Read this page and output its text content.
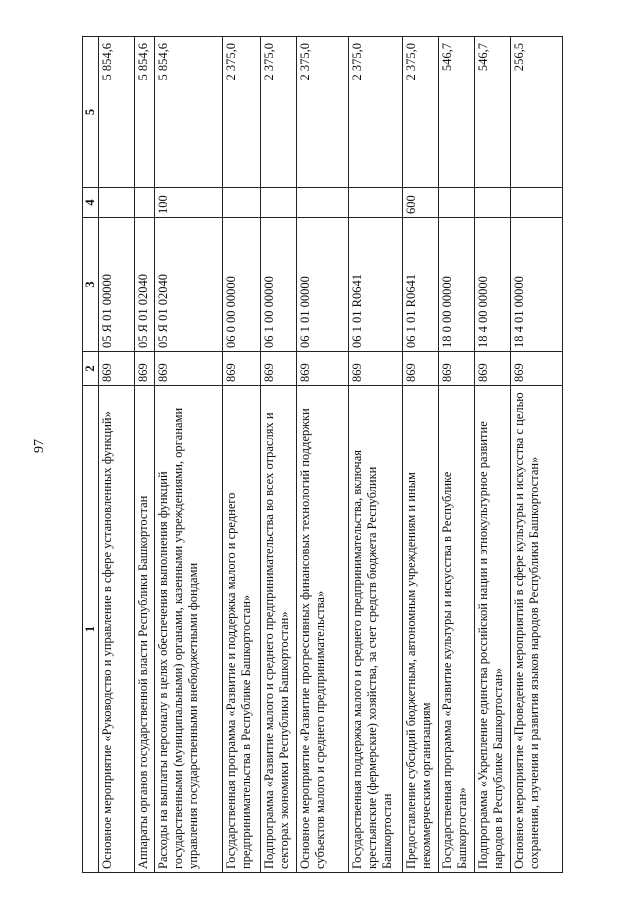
97
1	2	3	4	5
Основное мероприятие «Руководство и управление в сфере установленных функций»	869	05 Я 01 00000		5 854,6
Аппараты органов государственной власти Республики Башкортостан	869	05 Я 01 02040		5 854,6
Расходы на выплаты персоналу в целях обеспечения выполнения функций государственными (муниципальными) органами, казенными учреждениями, органами управления государственными внебюджетными фондами	869	05 Я 01 02040	100	5 854,6
Государственная программа «Развитие и поддержка малого и среднего предпринимательства в Республике Башкортостан»	869	06 0 00 00000		2 375,0
Подпрограмма «Развитие малого и среднего предпринимательства во всех отраслях и секторах экономики Республики Башкортостан»	869	06 1 00 00000		2 375,0
Основное мероприятие «Развитие прогрессивных финансовых технологий поддержки субъектов малого и среднего предпринимательства»	869	06 1 01 00000		2 375,0
Государственная поддержка малого и среднего предпринимательства, включая крестьянские (фермерские) хозяйства, за счет средств бюджета Республики Башкортостан	869	06 1 01 R0641		2 375,0
Предоставление субсидий бюджетным, автономным учреждениям и иным некоммерческим организациям	869	06 1 01 R0641	600	2 375,0
Государственная программа «Развитие культуры и искусства в Республике Башкортостан»	869	18 0 00 00000		546,7
Подпрограмма «Укрепление единства российской нации и этнокультурное развитие народов в Республике Башкортостан»	869	18 4 00 00000		546,7
Основное мероприятие «Проведение мероприятий в сфере культуры и искусства с целью сохранения, изучения и развития языков народов Республики Башкортостан»	869	18 4 01 00000		256,5
